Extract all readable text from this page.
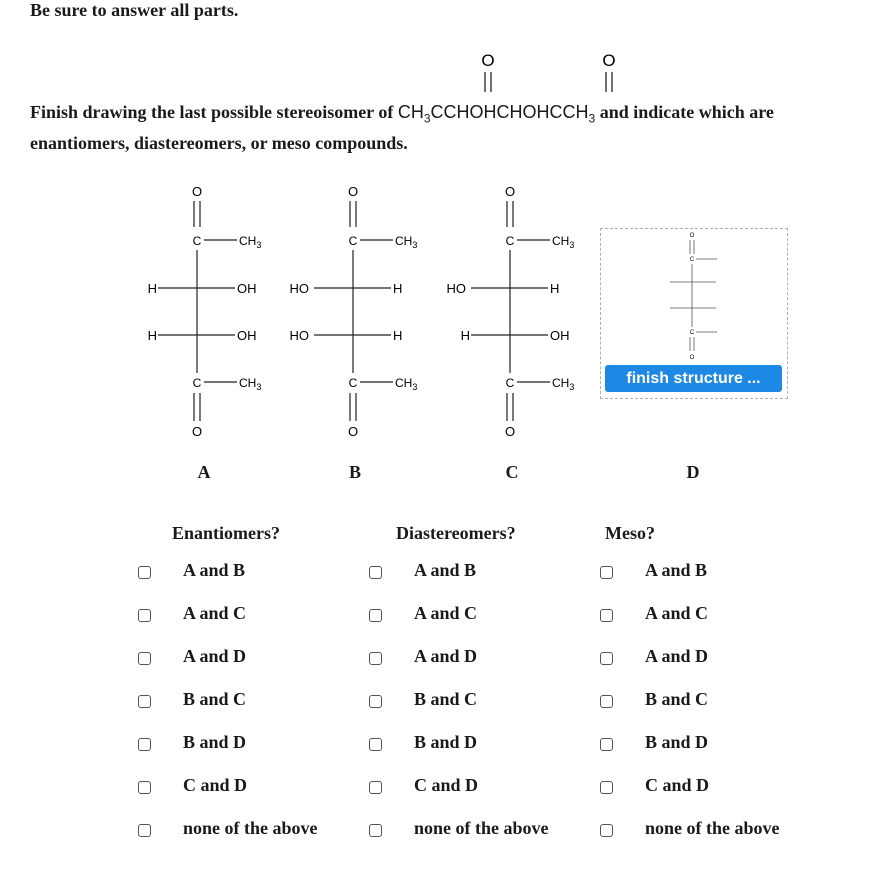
Be sure to answer all parts.
O	O
Finish drawing the last possible stereoisomer of $CH_3CCHOHCHOHCCH_3$ and indicate which are enantiomers, diastereomers, or meso compounds.
O
C	$CH_3$
H	OH
H	OH
C	$CH_3$
O
O
C	$CH_3$
HO	H
HO	H
C	$CH_3$
O
O
C	$CH_3$
HO	H
H	OH
C	$CH_3$
O
O
C
C
O
finish structure ...
A	B	C	D
Enantiomers?	Diastereomers?	Meso?
A and B
A and C
A and D
B and C
B and D
C and D
none of the above
A and B
A and C
A and D
B and C
B and D
C and D
none of the above
A and B
A and C
A and D
B and C
B and D
C and D
none of the above
